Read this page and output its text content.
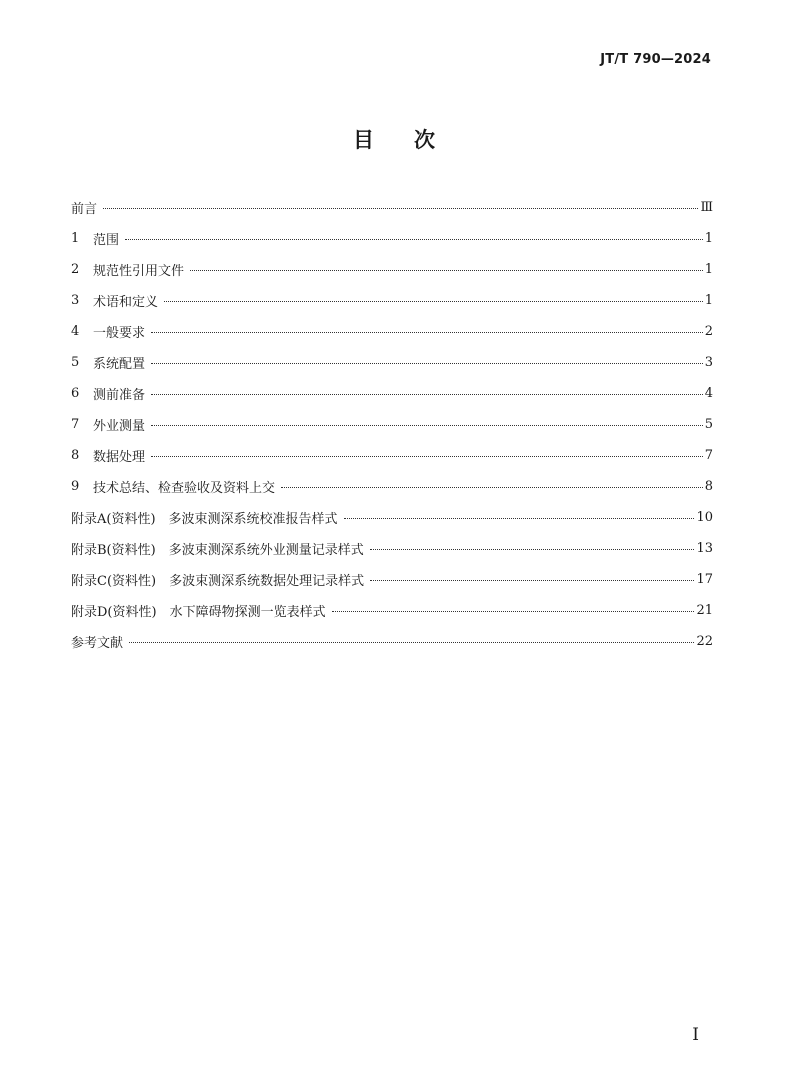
JT/T 790—2024
目 次
前言	Ⅲ
1	范围	1
2	规范性引用文件	1
3	术语和定义	1
4	一般要求	2
5	系统配置	3
6	测前准备	4
7	外业测量	5
8	数据处理	7
9	技术总结、检查验收及资料上交	8
附录A(资料性)　多波束测深系统校准报告样式	10
附录B(资料性)　多波束测深系统外业测量记录样式	13
附录C(资料性)　多波束测深系统数据处理记录样式	17
附录D(资料性)　水下障碍物探测一览表样式	21
参考文献	22
I
